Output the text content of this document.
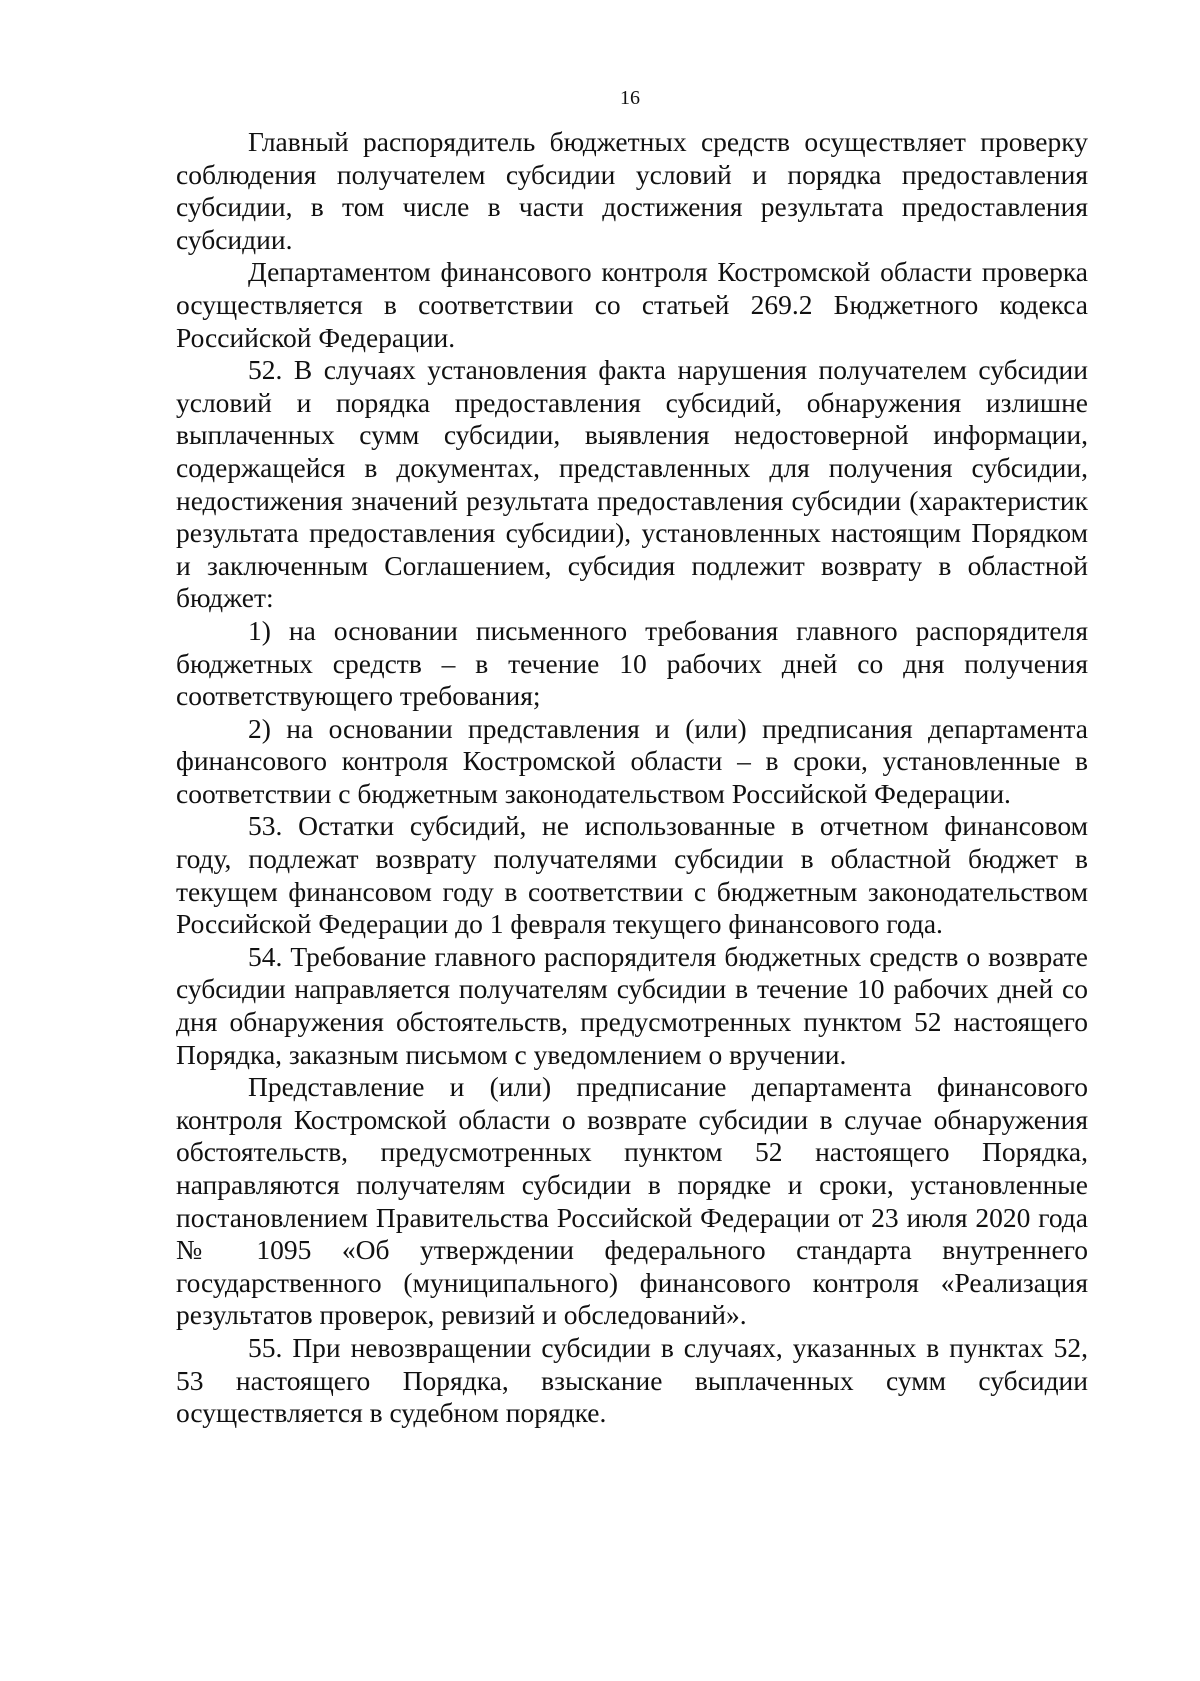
16

Главный распорядитель бюджетных средств осуществляет проверку соблюдения получателем субсидии условий и порядка предоставления субсидии, в том числе в части достижения результата предоставления субсидии.

Департаментом финансового контроля Костромской области проверка осуществляется в соответствии со статьей 269.2 Бюджетного кодекса Российской Федерации.

52. В случаях установления факта нарушения получателем субсидии условий и порядка предоставления субсидий, обнаружения излишне выплаченных сумм субсидии, выявления недостоверной информации, содержащейся в документах, представленных для получения субсидии, недостижения значений результата предоставления субсидии (характеристик результата предоставления субсидии), установленных настоящим Порядком и заключенным Соглашением, субсидия подлежит возврату в областной бюджет:

1) на основании письменного требования главного распорядителя бюджетных средств – в течение 10 рабочих дней со дня получения соответствующего требования;

2) на основании представления и (или) предписания департамента финансового контроля Костромской области – в сроки, установленные в соответствии с бюджетным законодательством Российской Федерации.

53. Остатки субсидий, не использованные в отчетном финансовом году, подлежат возврату получателями субсидии в областной бюджет в текущем финансовом году в соответствии с бюджетным законодательством Российской Федерации до 1 февраля текущего финансового года.

54. Требование главного распорядителя бюджетных средств о возврате субсидии направляется получателям субсидии в течение 10 рабочих дней со дня обнаружения обстоятельств, предусмотренных пунктом 52 настоящего Порядка, заказным письмом с уведомлением о вручении.

Представление и (или) предписание департамента финансового контроля Костромской области о возврате субсидии в случае обнаружения обстоятельств, предусмотренных пунктом 52 настоящего Порядка, направляются получателям субсидии в порядке и сроки, установленные постановлением Правительства Российской Федерации от 23 июля 2020 года № 1095 «Об утверждении федерального стандарта внутреннего государственного (муниципального) финансового контроля «Реализация результатов проверок, ревизий и обследований».

55. При невозвращении субсидии в случаях, указанных в пунктах 52, 53 настоящего Порядка, взыскание выплаченных сумм субсидии осуществляется в судебном порядке.
